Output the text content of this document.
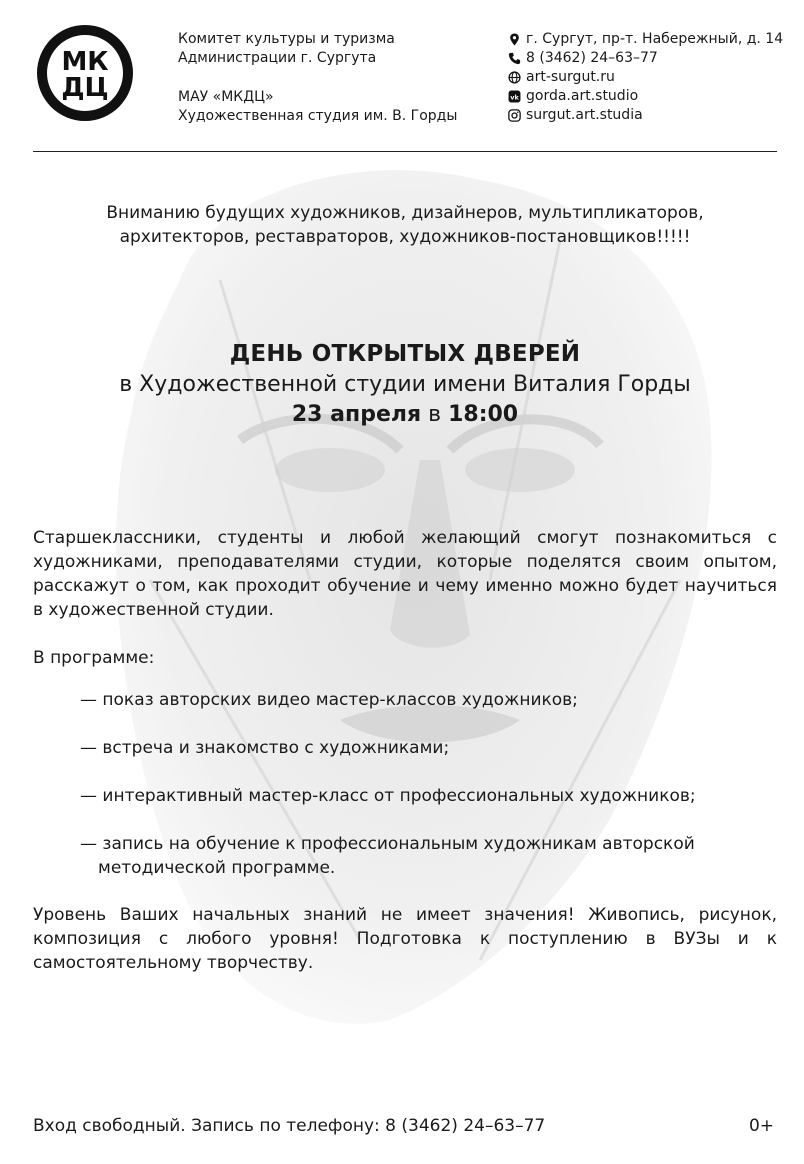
МК
ДЦ
Комитет культуры и туризма
Администрации г. Сургута
МАУ «МКДЦ»
Художественная студия им. В. Горды
г. Сургут, пр-т. Набережный, д. 14
8 (3462) 24–63–77
art-surgut.ru
vk gorda.art.studio
surgut.art.studia
Вниманию будущих художников, дизайнеров, мультипликаторов,
архитекторов, реставраторов, художников-постановщиков!!!!!
ДЕНЬ ОТКРЫТЫХ ДВЕРЕЙ
в Художественной студии имени Виталия Горды
23 апреля в 18:00
Старшеклассники, студенты и любой желающий смогут познакомиться с художниками, преподавателями студии, которые поделятся своим опытом, расскажут о том, как проходит обучение и чему именно можно будет научиться в художественной студии.
В программе:
— показ авторских видео мастер-классов художников;
— встреча и знакомство с художниками;
— интерактивный мастер-класс от профессиональных художников;
— запись на обучение к профессиональным художникам авторской методической программе.
Уровень Ваших начальных знаний не имеет значения! Живопись, рисунок, композиция с любого уровня! Подготовка к поступлению в ВУЗы и к самостоятельному творчеству.
Вход свободный. Запись по телефону: 8 (3462) 24–63–77	0+
